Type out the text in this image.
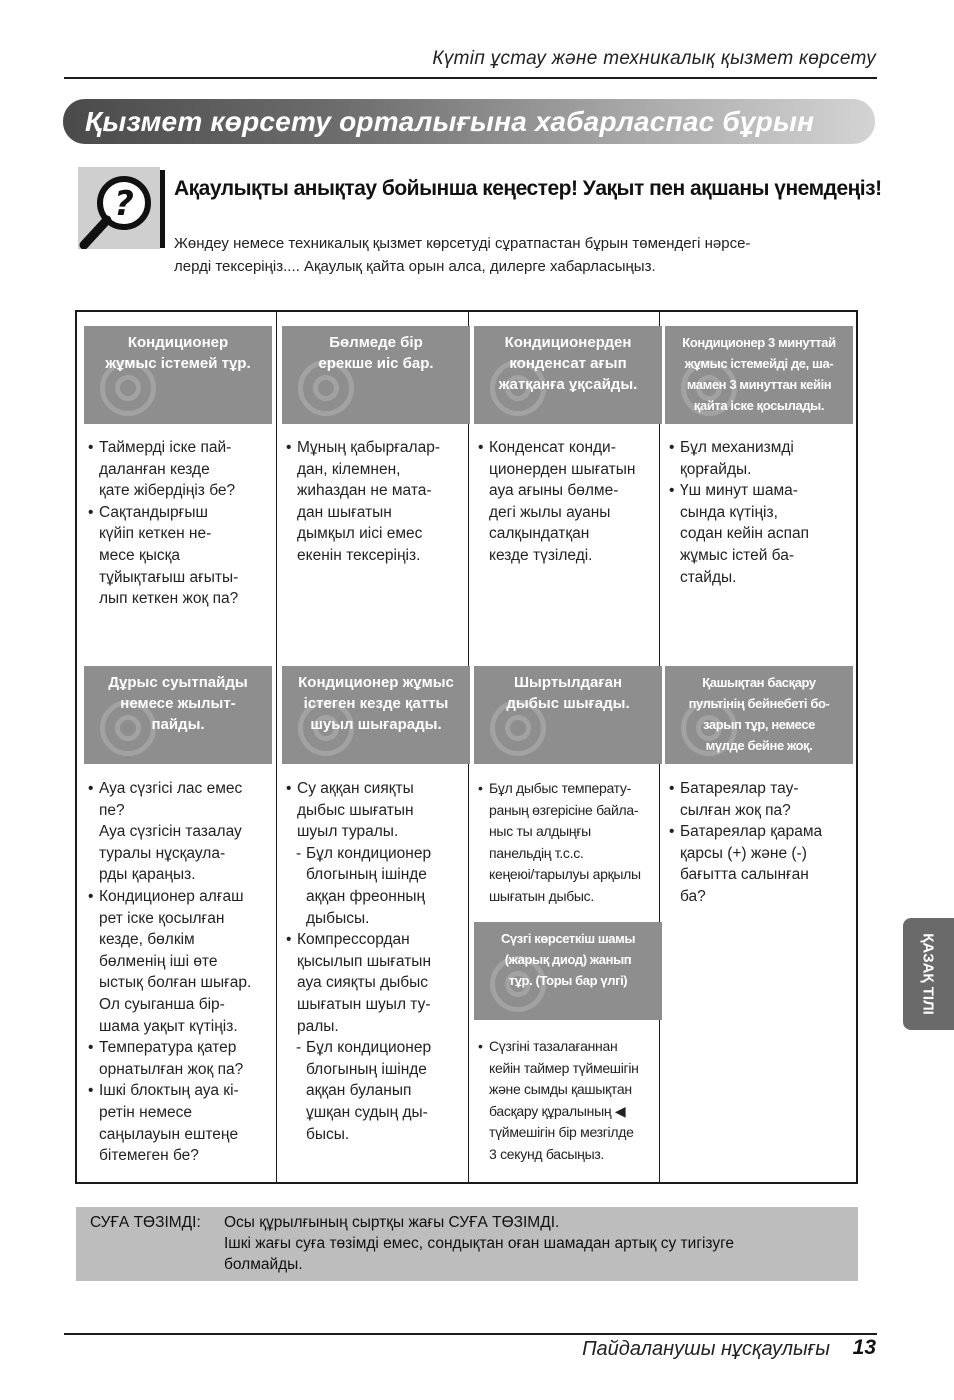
Күтіп ұстау және техникалық қызмет көрсету
Қызмет көрсету орталығына хабарласпас бұрын
? Ақаулықты анықтау бойынша кеңестер! Уақыт пен ақшаны үнемдеңіз!
Жөндеу немесе техникалық қызмет көрсетуді сұратпастан бұрын төмендегі нәрсе-
лерді тексеріңіз.... Ақаулық қайта орын алса, дилерге хабарласыңыз.
Кондиционер
жұмыс істемей тұр.
• Таймерді іске пай-
даланған кезде
қате жібердіңіз бе?
• Сақтандырғыш
күйіп кеткен не-
месе қысқа
тұйықтағыш ағыты-
лып кеткен жоқ па?
Бөлмеде бір
ерекше иіс бар.
• Мұның қабырғалар-
дан, кілемнен,
жиһаздан не мата-
дан шығатын
дымқыл иісі емес
екенін тексеріңіз.
Кондиционерден
конденсат ағып
жатқанға ұқсайды.
• Конденсат конди-
ционерден шығатын
ауа ағыны бөлме-
дегі жылы ауаны
салқындатқан
кезде түзіледі.
Кондиционер 3 минуттай
жұмыс істемейді де, ша-
мамен 3 минуттан кейін
қайта іске қосылады.
• Бұл механизмді
қорғайды.
• Үш минут шама-
сында күтіңіз,
содан кейін аспап
жұмыс істей ба-
стайды.
Дұрыс суытпайды
немесе жылыт-
пайды.
• Ауа сүзгісі лас емес
пе?
Ауа сүзгісін тазалау
туралы нұсқаула-
рды қараңыз.
• Кондиционер алғаш
рет іске қосылған
кезде, бөлкім
бөлменің іші өте
ыстық болған шығар.
Ол суыганша бір-
шама уақыт күтіңіз.
• Температура қатер
орнатылған жоқ па?
• Ішкі блоктың ауа кі-
ретін немесе
саңылауын ештеңе
бітемеген бе?
Кондиционер жұмыс
істеген кезде қатты
шуыл шығарады.
• Су аққан сияқты
дыбыс шығатын
шуыл туралы.
- Бұл кондиционер
блогының ішінде
аққан фреонның
дыбысы.
• Компрессордан
қысылып шығатын
ауа сияқты дыбыс
шығатын шуыл ту-
ралы.
- Бұл кондиционер
блогының ішінде
аққан буланып
ұшқан судың ды-
бысы.
Шыртылдаған
дыбыс шығады.
• Бұл дыбыс температу-
раның өзгерісіне байла-
ныс ты алдыңғы
панельдің т.с.с.
кеңеюі/тарылуы арқылы
шығатын дыбыс.
Сүзгі көрсеткіш шамы
(жарық диод) жанып
тұр. (Торы бар үлгі)
• Сүзгіні тазалағаннан
кейін таймер түймешігін
және сымды қашықтан
басқару құралының ◀
түймешігін бір мезгілде
3 секунд басыңыз.
Қашықтан басқару
пультінің бейнебеті бо-
зарып тұр, немесе
мүлде бейне жоқ.
• Батареялар тау-
сылған жоқ па?
• Батареялар қарама
қарсы (+) және (-)
бағытта салынған
ба?
СУҒА ТӨЗІМДІ: Осы құрылғының сыртқы жағы СУҒА ТӨЗІМДІ.
Ішкі жағы суға төзімді емес, сондықтан оған шамадан артық су тигізуге
болмайды.
ҚАЗАҚ ТІЛІ
Пайдаланушы нұсқаулығы 13
